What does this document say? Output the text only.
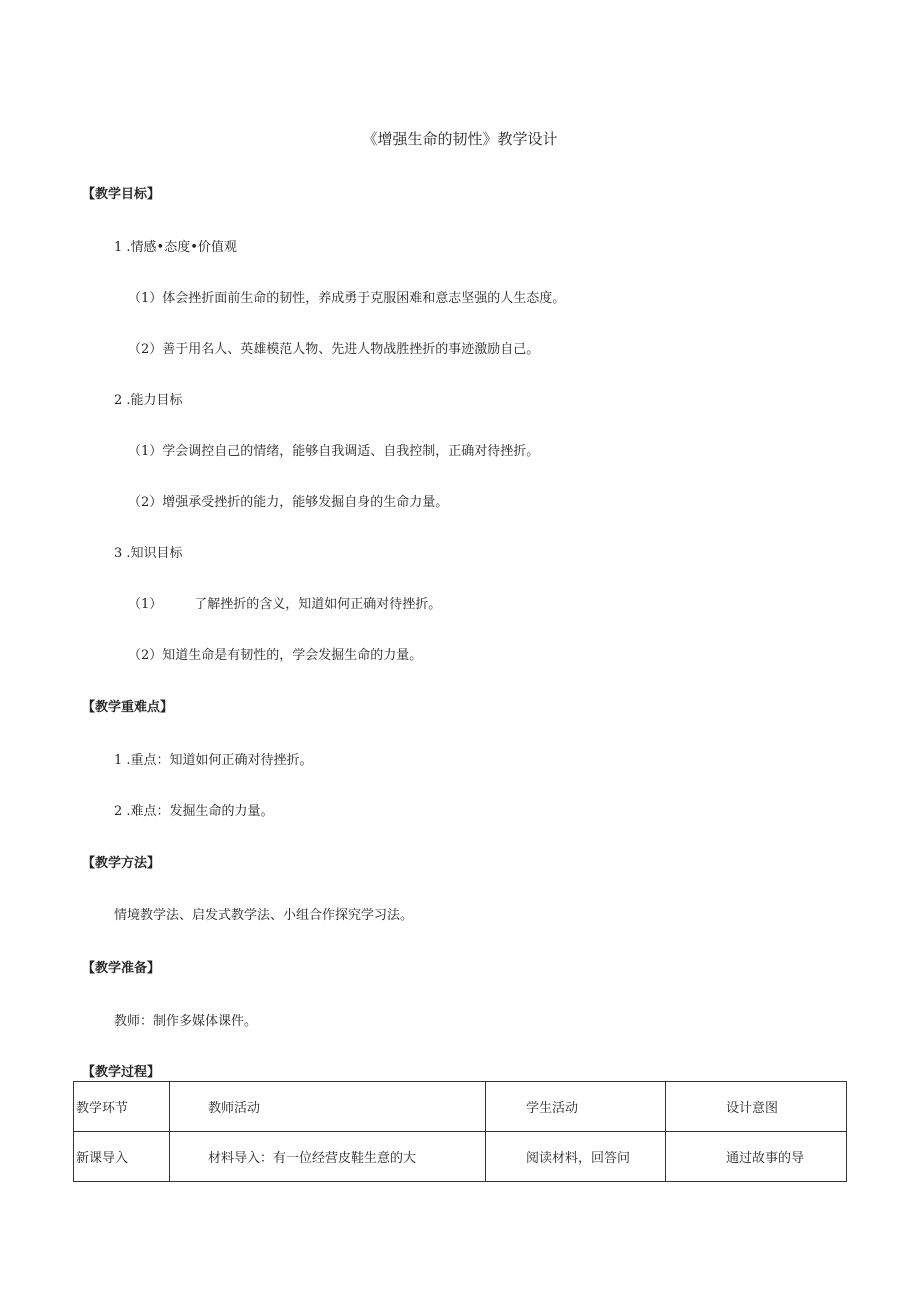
《增强生命的韧性》教学设计
【教学目标】
1 .情感•态度•价值观
（1）体会挫折面前生命的韧性，养成勇于克服困难和意志坚强的人生态度。
（2）善于用名人、英雄模范人物、先进人物战胜挫折的事迹激励自己。
2 .能力目标
（1）学会调控自己的情绪，能够自我调适、自我控制，正确对待挫折。
（2）增强承受挫折的能力，能够发掘自身的生命力量。
3 .知识目标
（1） 了解挫折的含义，知道如何正确对待挫折。
（2）知道生命是有韧性的，学会发掘生命的力量。
【教学重难点】
1 .重点：知道如何正确对待挫折。
2 .难点：发掘生命的力量。
【教学方法】
情境教学法、启发式教学法、小组合作探究学习法。
【教学准备】
教师：制作多媒体课件。
【教学过程】
教学环节	教师活动	学生活动	设计意图
新课导入	材料导入：有一位经营皮鞋生意的大	阅读材料，回答问	通过故事的导
